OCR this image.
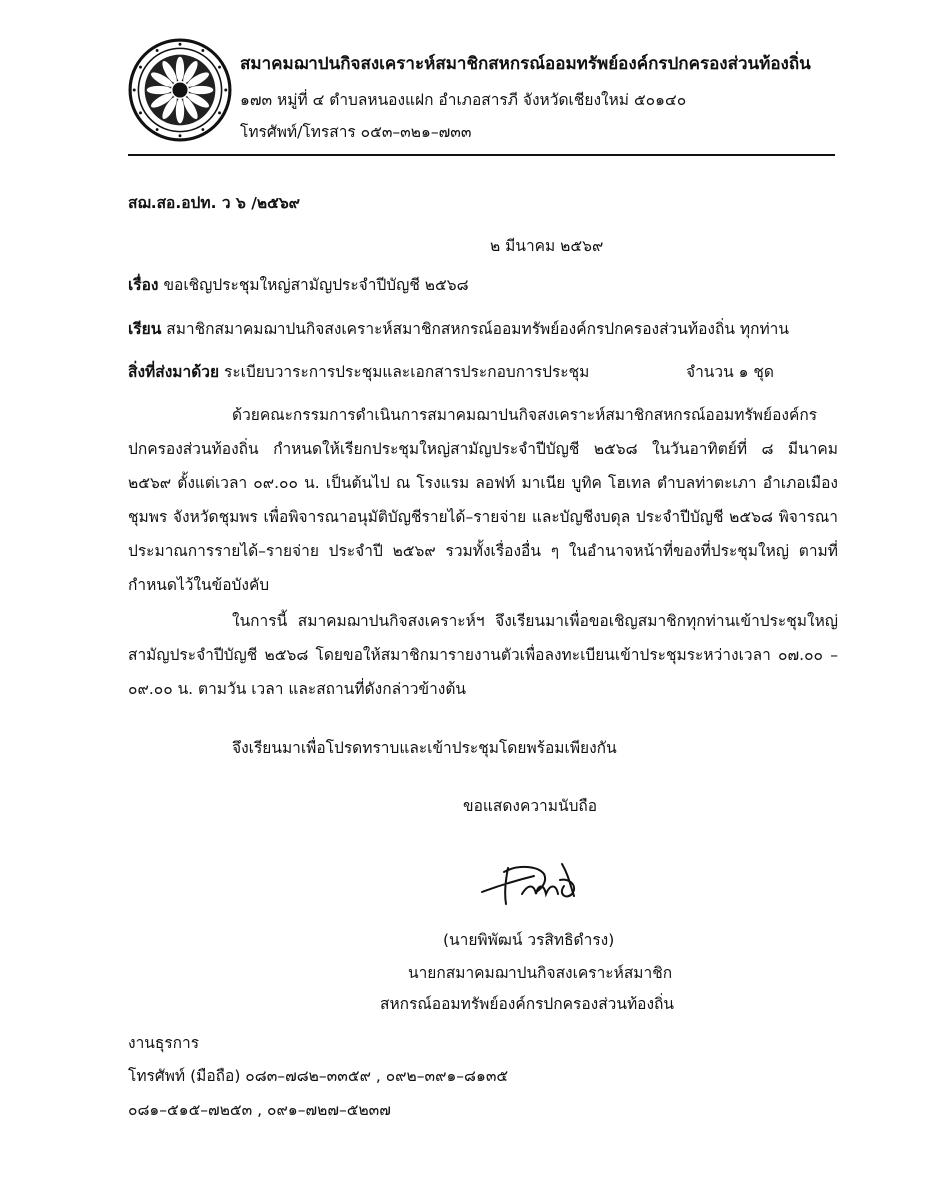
สมาคมฌาปนกิจสงเคราะห์สมาชิกสหกรณ์ออมทรัพย์องค์กรปกครองส่วนท้องถิ่น
๑๗๓ หมู่ที่ ๔ ตำบลหนองแฝก อำเภอสารภี จังหวัดเชียงใหม่ ๕๐๑๔๐
โทรศัพท์/โทรสาร ๐๕๓–๓๒๑–๗๓๓
สฌ.สอ.อปท. ว ๖ /๒๕๖๙
๒ มีนาคม ๒๕๖๙
เรื่อง ขอเชิญประชุมใหญ่สามัญประจำปีบัญชี ๒๕๖๘
เรียน สมาชิกสมาคมฌาปนกิจสงเคราะห์สมาชิกสหกรณ์ออมทรัพย์องค์กรปกครองส่วนท้องถิ่น ทุกท่าน
สิ่งที่ส่งมาด้วย ระเบียบวาระการประชุมและเอกสารประกอบการประชุม	จำนวน ๑ ชุด
ด้วยคณะกรรมการดำเนินการสมาคมฌาปนกิจสงเคราะห์สมาชิกสหกรณ์ออมทรัพย์องค์กรปกครองส่วนท้องถิ่น กำหนดให้เรียกประชุมใหญ่สามัญประจำปีบัญชี ๒๕๖๘ ในวันอาทิตย์ที่ ๘ มีนาคม ๒๕๖๙ ตั้งแต่เวลา ๐๙.๐๐ น. เป็นต้นไป ณ โรงแรม ลอฟท์ มาเนีย บูทิค โฮเทล ตำบลท่าตะเภา อำเภอเมืองชุมพร จังหวัดชุมพร เพื่อพิจารณาอนุมัติบัญชีรายได้–รายจ่าย และบัญชีงบดุล ประจำปีบัญชี ๒๕๖๘ พิจารณาประมาณการรายได้–รายจ่าย ประจำปี ๒๕๖๙ รวมทั้งเรื่องอื่น ๆ ในอำนาจหน้าที่ของที่ประชุมใหญ่ ตามที่กำหนดไว้ในข้อบังคับ
ในการนี้ สมาคมฌาปนกิจสงเคราะห์ฯ จึงเรียนมาเพื่อขอเชิญสมาชิกทุกท่านเข้าประชุมใหญ่สามัญประจำปีบัญชี ๒๕๖๘ โดยขอให้สมาชิกมารายงานตัวเพื่อลงทะเบียนเข้าประชุมระหว่างเวลา ๐๗.๐๐ – ๐๙.๐๐ น. ตามวัน เวลา และสถานที่ดังกล่าวข้างต้น
จึงเรียนมาเพื่อโปรดทราบและเข้าประชุมโดยพร้อมเพียงกัน
ขอแสดงความนับถือ
(นายพิพัฒน์ วรสิทธิดำรง)
นายกสมาคมฌาปนกิจสงเคราะห์สมาชิก
สหกรณ์ออมทรัพย์องค์กรปกครองส่วนท้องถิ่น
งานธุรการ
โทรศัพท์ (มือถือ) ๐๘๓–๗๘๒–๓๓๕๙ , ๐๙๒–๓๙๑–๘๑๓๕
๐๘๑–๕๑๕–๗๒๕๓ , ๐๙๑–๗๒๗–๕๒๓๗
